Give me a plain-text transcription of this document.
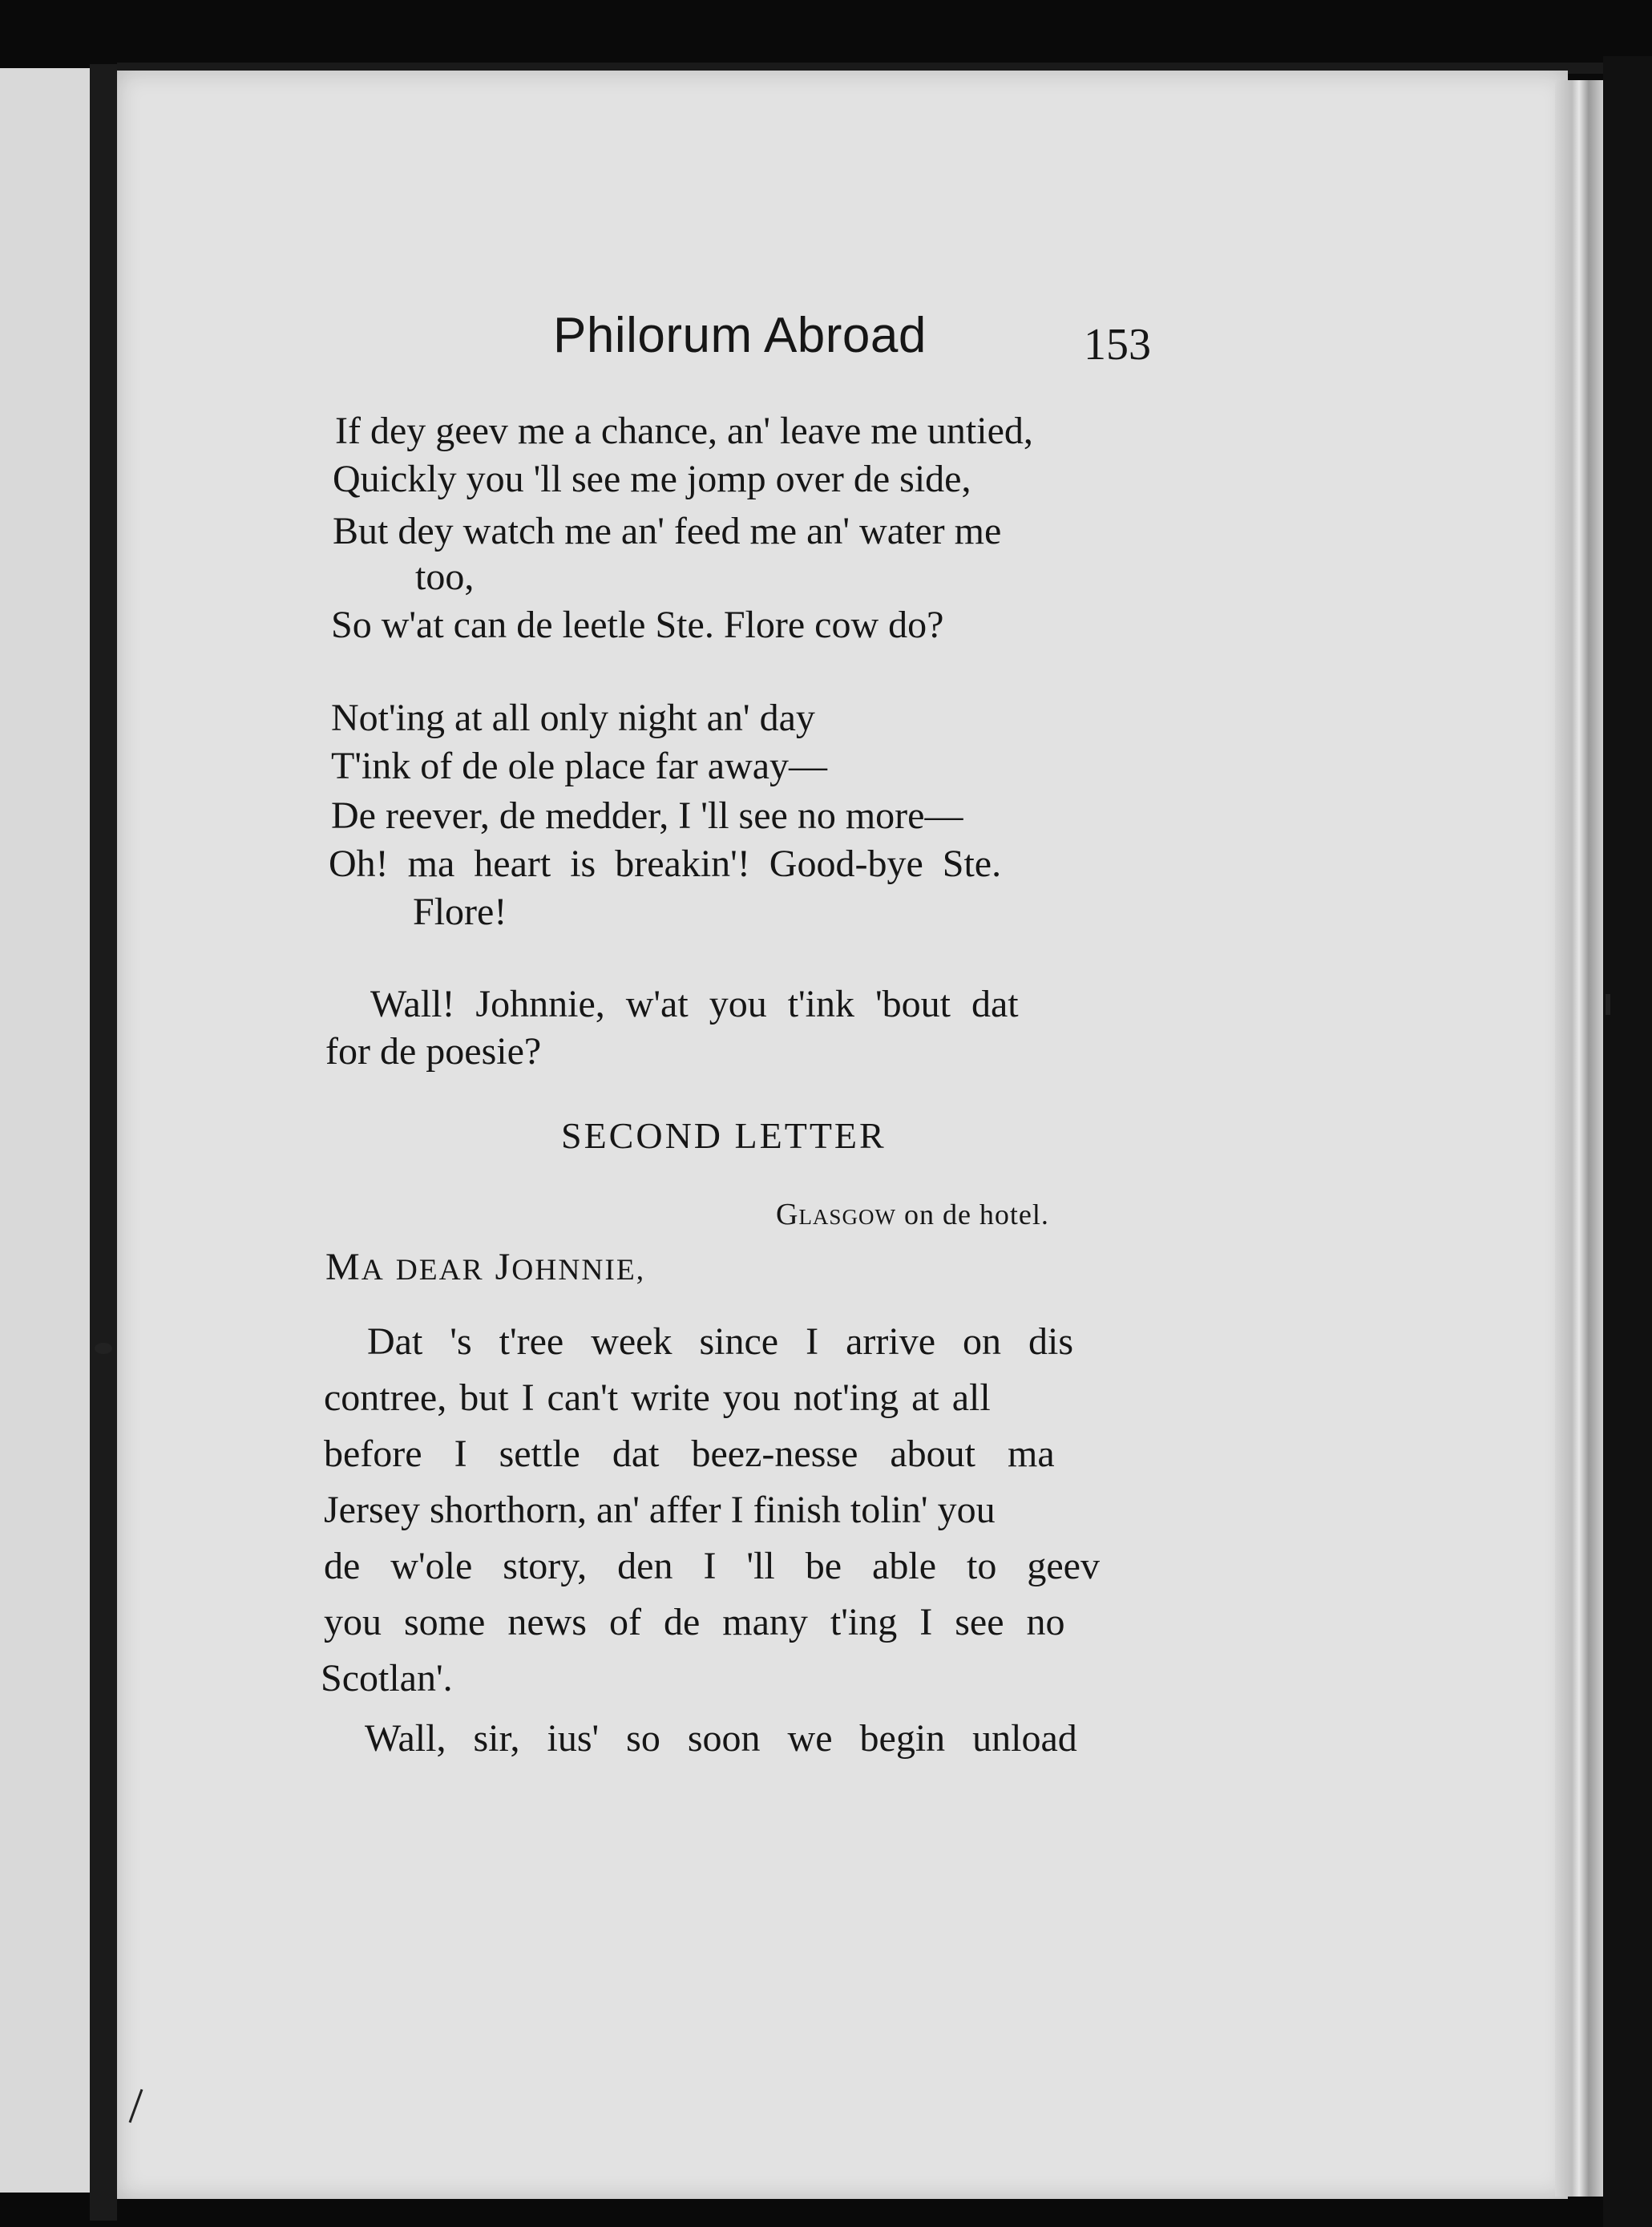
Philorum Abroad	153
If dey geev me a chance, an' leave me untied,
Quickly you 'll see me jomp over de side,
But dey watch me an' feed me an' water me
too,
So w'at can de leetle Ste. Flore cow do?
Not'ing at all only night an' day
T'ink of de ole place far away—
De reever, de medder, I 'll see no more—
Oh! ma heart is breakin'! Good-bye Ste.
Flore!
Wall! Johnnie, w'at you t'ink 'bout dat
for de poesie?
SECOND LETTER
Glasgow on de hotel.
MA DEAR JOHNNIE,
Dat 's t'ree week since I arrive on dis
contree, but I can't write you not'ing at all
before I settle dat beez-nesse about ma
Jersey shorthorn, an' affer I finish tolin' you
de w'ole story, den I 'll be able to geev
you some news of de many t'ing I see no
Scotlan'.
Wall, sir, ius' so soon we begin unload
